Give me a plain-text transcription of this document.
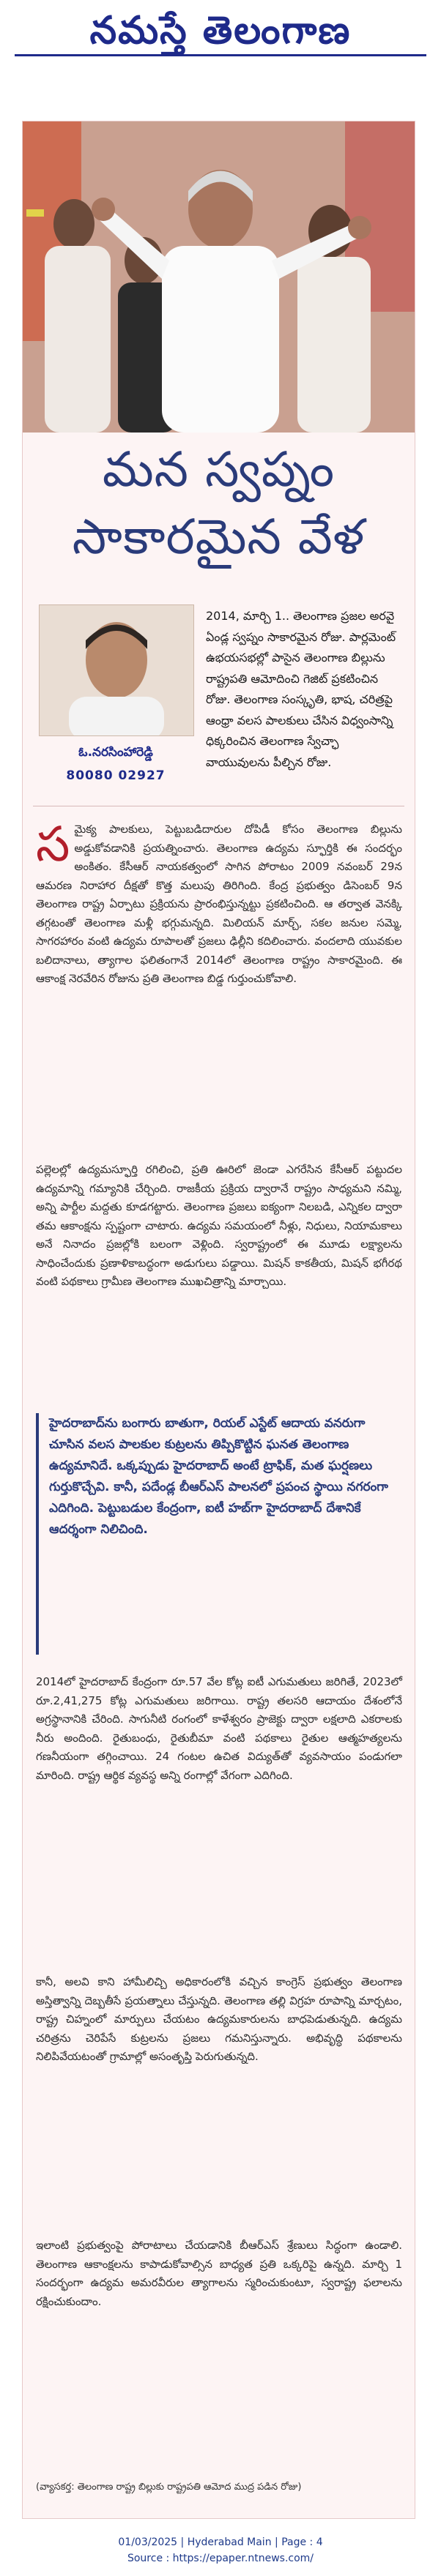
నమస్తే తెలంగాణ
మన స్వప్నం
సాకారమైన వేళ
ఓ.నరసింహారెడ్డి
80080 02927
2014, మార్చి 1.. తెలంగాణ ప్రజల అరవై ఏండ్ల స్వప్నం సాకారమైన రోజు. పార్లమెంట్ ఉభయసభల్లో పాసైన తెలంగాణ బిల్లును రాష్ట్రపతి ఆమోదించి గెజిట్ ప్రకటించిన రోజు. తెలంగాణ సంస్కృతి, భాష, చరిత్రపై ఆంధ్రా వలస పాలకులు చేసిన విధ్వంసాన్ని ధిక్కరించిన తెలంగాణ స్వేచ్ఛా వాయువులను పీల్చిన రోజు.
సమైక్య పాలకులు, పెట్టుబడిదారుల దోపిడీ కోసం తెలంగాణ బిల్లును అడ్డుకోవడానికి ప్రయత్నించారు. తెలంగాణ ఉద్యమ స్ఫూర్తికి ఈ సందర్భం అంకితం. కేసీఆర్ నాయకత్వంలో సాగిన పోరాటం 2009 నవంబర్ 29న ఆమరణ నిరాహార దీక్షతో కొత్త మలుపు తిరిగింది. కేంద్ర ప్రభుత్వం డిసెంబర్ 9న తెలంగాణ రాష్ట్ర ఏర్పాటు ప్రక్రియను ప్రారంభిస్తున్నట్టు ప్రకటించింది. ఆ తర్వాత వెనక్కి తగ్గటంతో తెలంగాణ మళ్లీ భగ్గుమన్నది. మిలియన్ మార్చ్, సకల జనుల సమ్మె, సాగరహారం వంటి ఉద్యమ రూపాలతో ప్రజలు ఢిల్లీని కదిలించారు. వందలాది యువకుల బలిదానాలు, త్యాగాల ఫలితంగానే 2014లో తెలంగాణ రాష్ట్రం సాకారమైంది. ఈ ఆకాంక్ష నెరవేరిన రోజును ప్రతి తెలంగాణ బిడ్డ గుర్తుంచుకోవాలి.
పల్లెలల్లో ఉద్యమస్ఫూర్తి రగిలించి, ప్రతి ఊరిలో జెండా ఎగరేసిన కేసీఆర్ పట్టుదల ఉద్యమాన్ని గమ్యానికి చేర్చింది. రాజకీయ ప్రక్రియ ద్వారానే రాష్ట్రం సాధ్యమని నమ్మి, అన్ని పార్టీల మద్దతు కూడగట్టారు. తెలంగాణ ప్రజలు ఐక్యంగా నిలబడి, ఎన్నికల ద్వారా తమ ఆకాంక్షను స్పష్టంగా చాటారు. ఉద్యమ సమయంలో నీళ్లు, నిధులు, నియామకాలు అనే నినాదం ప్రజల్లోకి బలంగా వెళ్లింది. స్వరాష్ట్రంలో ఈ మూడు లక్ష్యాలను సాధించేందుకు ప్రణాళికాబద్ధంగా అడుగులు పడ్డాయి. మిషన్ కాకతీయ, మిషన్ భగీరథ వంటి పథకాలు గ్రామీణ తెలంగాణ ముఖచిత్రాన్ని మార్చాయి.

హైదరాబాద్‌ను బంగారు బాతుగా, రియల్ ఎస్టేట్ ఆదాయ వనరుగా చూసిన వలస పాలకుల కుట్రలను తిప్పికొట్టిన ఘనత తెలంగాణ ఉద్యమానిదే. ఒక్కప్పుడు హైదరాబాద్ అంటే ట్రాఫిక్, మత ఘర్షణలు గుర్తుకొచ్చేవి. కానీ, పదేండ్ల బీఆర్ఎస్ పాలనలో ప్రపంచ స్థాయి నగరంగా ఎదిగింది. పెట్టుబడుల కేంద్రంగా, ఐటీ హబ్‌గా హైదరాబాద్ దేశానికే ఆదర్శంగా నిలిచింది.

2014లో హైదరాబాద్ కేంద్రంగా రూ.57 వేల కోట్ల ఐటీ ఎగుమతులు జరిగితే, 2023లో రూ.2,41,275 కోట్ల ఎగుమతులు జరిగాయి. రాష్ట్ర తలసరి ఆదాయం దేశంలోనే అగ్రస్థానానికి చేరింది. సాగునీటి రంగంలో కాళేశ్వరం ప్రాజెక్టు ద్వారా లక్షలాది ఎకరాలకు నీరు అందింది. రైతుబంధు, రైతుబీమా వంటి పథకాలు రైతుల ఆత్మహత్యలను గణనీయంగా తగ్గించాయి. 24 గంటల ఉచిత విద్యుత్‌తో వ్యవసాయం పండుగలా మారింది. రాష్ట్ర ఆర్థిక వ్యవస్థ అన్ని రంగాల్లో వేగంగా ఎదిగింది.
కానీ, అలవి కాని హామీలిచ్చి అధికారంలోకి వచ్చిన కాంగ్రెస్ ప్రభుత్వం తెలంగాణ అస్తిత్వాన్ని దెబ్బతీసే ప్రయత్నాలు చేస్తున్నది. తెలంగాణ తల్లి విగ్రహ రూపాన్ని మార్చటం, రాష్ట్ర చిహ్నంలో మార్పులు చేయటం ఉద్యమకారులను బాధపెడుతున్నది. ఉద్యమ చరిత్రను చెరిపేసే కుట్రలను ప్రజలు గమనిస్తున్నారు. అభివృద్ధి పథకాలను నిలిపివేయటంతో గ్రామాల్లో అసంతృప్తి పెరుగుతున్నది.
ఇలాంటి ప్రభుత్వంపై పోరాటాలు చేయడానికి బీఆర్ఎస్ శ్రేణులు సిద్ధంగా ఉండాలి. తెలంగాణ ఆకాంక్షలను కాపాడుకోవాల్సిన బాధ్యత ప్రతి ఒక్కరిపై ఉన్నది. మార్చి 1 సందర్భంగా ఉద్యమ అమరవీరుల త్యాగాలను స్మరించుకుంటూ, స్వరాష్ట్ర ఫలాలను రక్షించుకుందాం.
(వ్యాసకర్త: తెలంగాణ రాష్ట్ర బిల్లుకు రాష్ట్రపతి ఆమోద ముద్ర పడిన రోజు)
01/03/2025 | Hyderabad Main | Page : 4
Source : https://epaper.ntnews.com/
